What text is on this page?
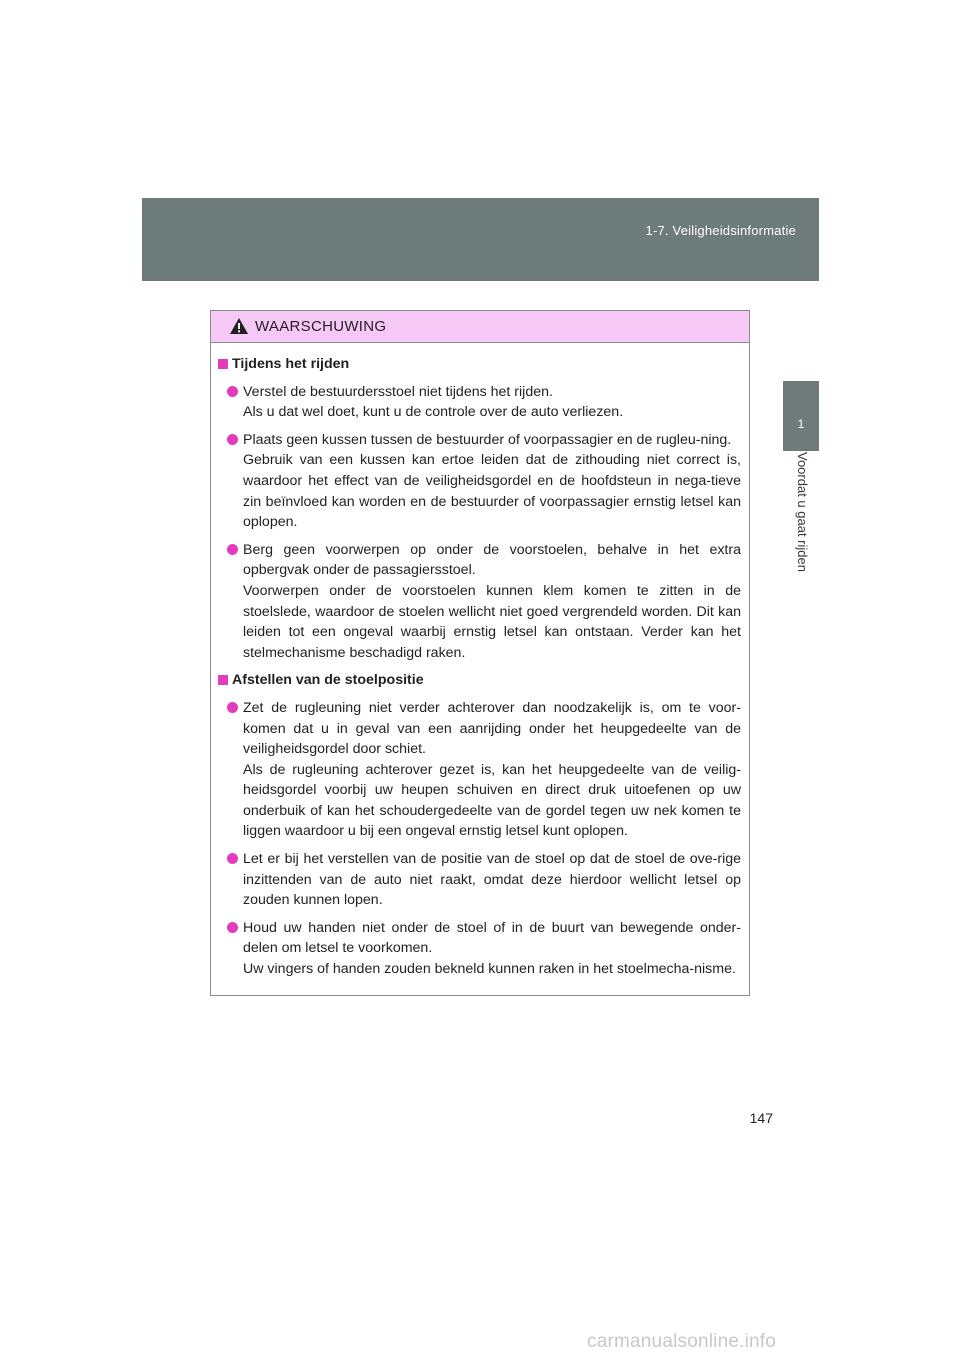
1-7. Veiligheidsinformatie
1
Voordat u gaat rijden
WAARSCHUWING
Tijdens het rijden

Verstel de bestuurdersstoel niet tijdens het rijden.

Als u dat wel doet, kunt u de controle over de auto verliezen.

Plaats geen kussen tussen de bestuurder of voorpassagier en de rugleu-ning.

Gebruik van een kussen kan ertoe leiden dat de zithouding niet correct is, waardoor het effect van de veiligheidsgordel en de hoofdsteun in nega-tieve zin beïnvloed kan worden en de bestuurder of voorpassagier ernstig letsel kan oplopen.

Berg geen voorwerpen op onder de voorstoelen, behalve in het extra opbergvak onder de passagiersstoel.

Voorwerpen onder de voorstoelen kunnen klem komen te zitten in de stoelslede, waardoor de stoelen wellicht niet goed vergrendeld worden. Dit kan leiden tot een ongeval waarbij ernstig letsel kan ontstaan. Verder kan het stelmechanisme beschadigd raken.

Afstellen van de stoelpositie

Zet de rugleuning niet verder achterover dan noodzakelijk is, om te voor-komen dat u in geval van een aanrijding onder het heupgedeelte van de veiligheidsgordel door schiet.

Als de rugleuning achterover gezet is, kan het heupgedeelte van de veilig-heidsgordel voorbij uw heupen schuiven en direct druk uitoefenen op uw onderbuik of kan het schoudergedeelte van de gordel tegen uw nek komen te liggen waardoor u bij een ongeval ernstig letsel kunt oplopen.

Let er bij het verstellen van de positie van de stoel op dat de stoel de ove-rige inzittenden van de auto niet raakt, omdat deze hierdoor wellicht letsel op zouden kunnen lopen.

Houd uw handen niet onder de stoel of in de buurt van bewegende onder-delen om letsel te voorkomen.

Uw vingers of handen zouden bekneld kunnen raken in het stoelmecha-nisme.

147
carmanualsonline.info
